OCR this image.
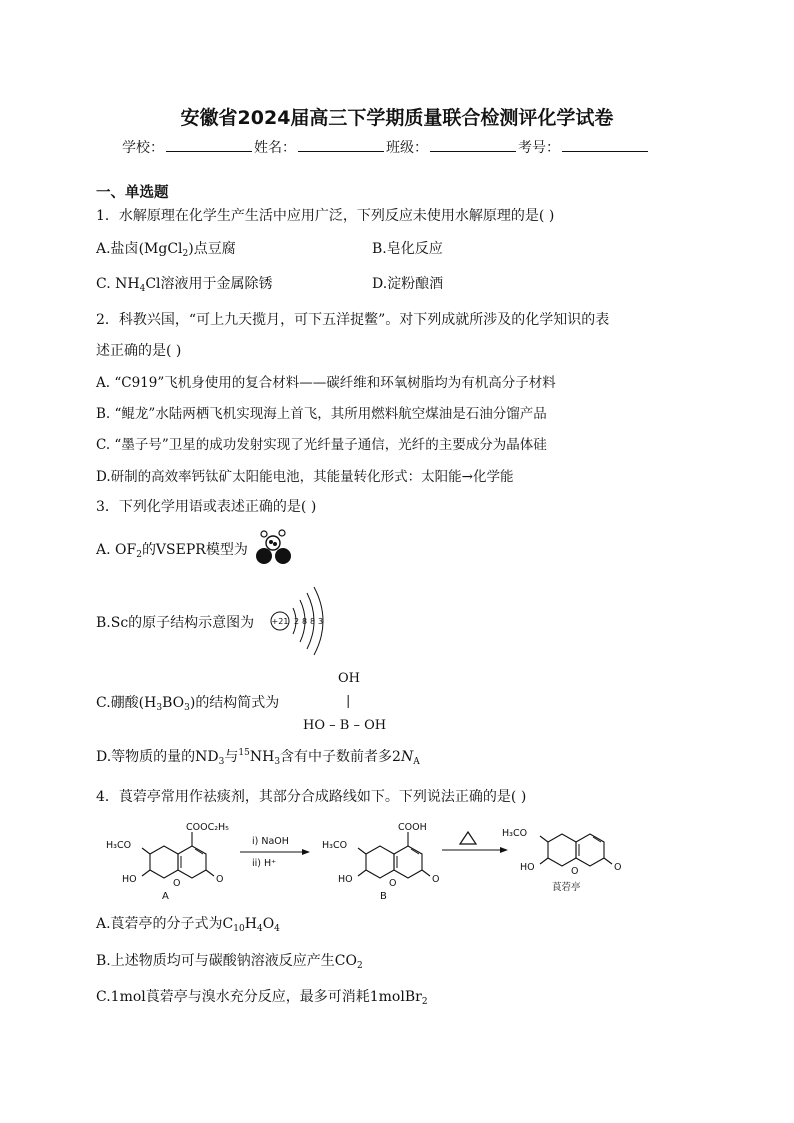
安徽省2024届高三下学期质量联合检测评化学试卷
学校：	姓名：	班级：	考号：
一、单选题
1．水解原理在化学生产生活中应用广泛，下列反应未使用水解原理的是( )
A.盐卤(MgCl$_2$)点豆腐	B.皂化反应
C. $NH_4Cl$溶液用于金属除锈	D.淀粉酿酒
2．科教兴国，“可上九天揽月，可下五洋捉鳖”。对下列成就所涉及的化学知识的表
述正确的是( )
A. “C919”飞机身使用的复合材料——碳纤维和环氧树脂均为有机高分子材料
B. “鲲龙”水陆两栖飞机实现海上首飞，其所用燃料航空煤油是石油分馏产品
C. “墨子号”卫星的成功发射实现了光纤量子通信，光纤的主要成分为晶体硅
D.研制的高效率钙钛矿太阳能电池，其能量转化形式：太阳能→化学能
3．下列化学用语或表述正确的是( )
A. $OF_2$的VSEPR模型为
B.Sc的原子结构示意图为 +21 2 8 8 3
C.硼酸$(H_3BO_3)$的结构简式为
OH
|
HO – B – OH
D.等物质的量的$ND_3$与$^{15}NH_3$含有中子数前者多$2N_A$
4．莨菪亭常用作祛痰剂，其部分合成路线如下。下列说法正确的是( )
COOC₂H₅
H₃CO
HO	O	O
A
i) NaOH
ii) H⁺
COOH
H₃CO
HO	O	O
B
H₃CO
HO	O	O
莨菪亭
A.莨菪亭的分子式为$C_{10}H_4O_4$
B.上述物质均可与碳酸钠溶液反应产生$CO_2$
C.1mol莨菪亭与溴水充分反应，最多可消耗1molBr$_2$
